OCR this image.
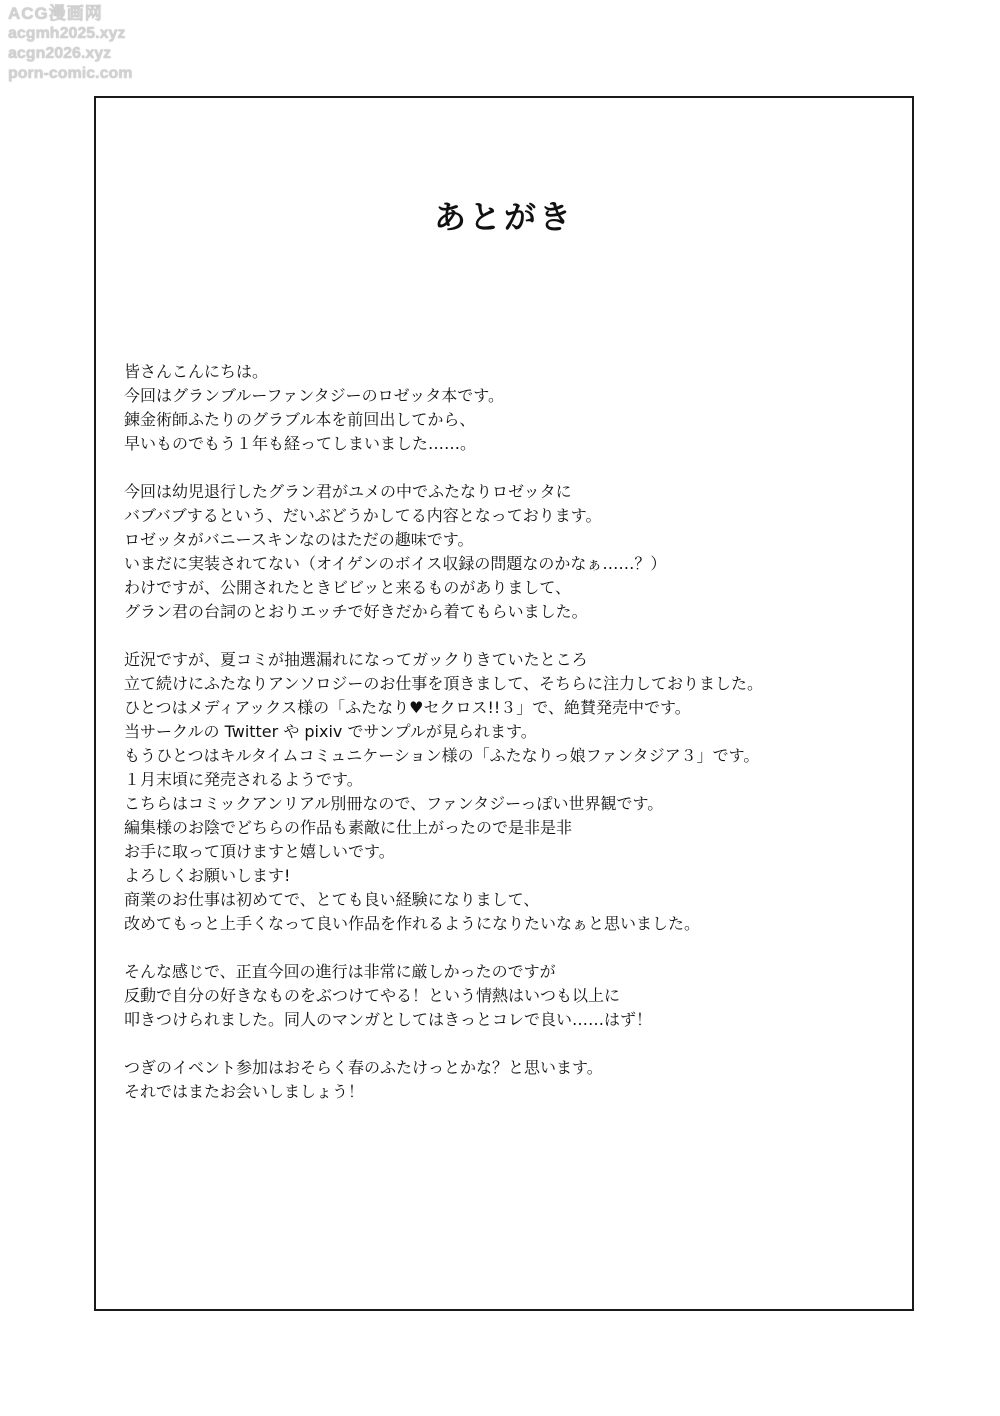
ACG漫画网
acgmh2025.xyz
acgn2026.xyz
porn-comic.com
あとがき
皆さんこんにちは。
今回はグランブルーファンタジーのロゼッタ本です。
錬金術師ふたりのグラブル本を前回出してから、
早いものでもう１年も経ってしまいました……。
今回は幼児退行したグラン君がユメの中でふたなりロゼッタに
バブバブするという、だいぶどうかしてる内容となっております。
ロゼッタがバニースキンなのはただの趣味です。
いまだに実装されてない（オイゲンのボイス収録の問題なのかなぁ……？）
わけですが、公開されたときビビッと来るものがありまして、
グラン君の台詞のとおりエッチで好きだから着てもらいました。
近況ですが、夏コミが抽選漏れになってガックりきていたところ
立て続けにふたなりアンソロジーのお仕事を頂きまして、そちらに注力しておりました。
ひとつはメディアックス様の「ふたなり♥セクロス!!３」で、絶賛発売中です。
当サークルの Twitter や pixiv でサンプルが見られます。
もうひとつはキルタイムコミュニケーション様の「ふたなりっ娘ファンタジア３」です。
１月末頃に発売されるようです。
こちらはコミックアンリアル別冊なので、ファンタジーっぽい世界観です。
編集様のお陰でどちらの作品も素敵に仕上がったので是非是非
お手に取って頂けますと嬉しいです。
よろしくお願いします!
商業のお仕事は初めてで、とても良い経験になりまして、
改めてもっと上手くなって良い作品を作れるようになりたいなぁと思いました。
そんな感じで、正直今回の進行は非常に厳しかったのですが
反動で自分の好きなものをぶつけてやる！という情熱はいつも以上に
叩きつけられました。同人のマンガとしてはきっとコレで良い……はず！
つぎのイベント参加はおそらく春のふたけっとかな？と思います。
それではまたお会いしましょう！
